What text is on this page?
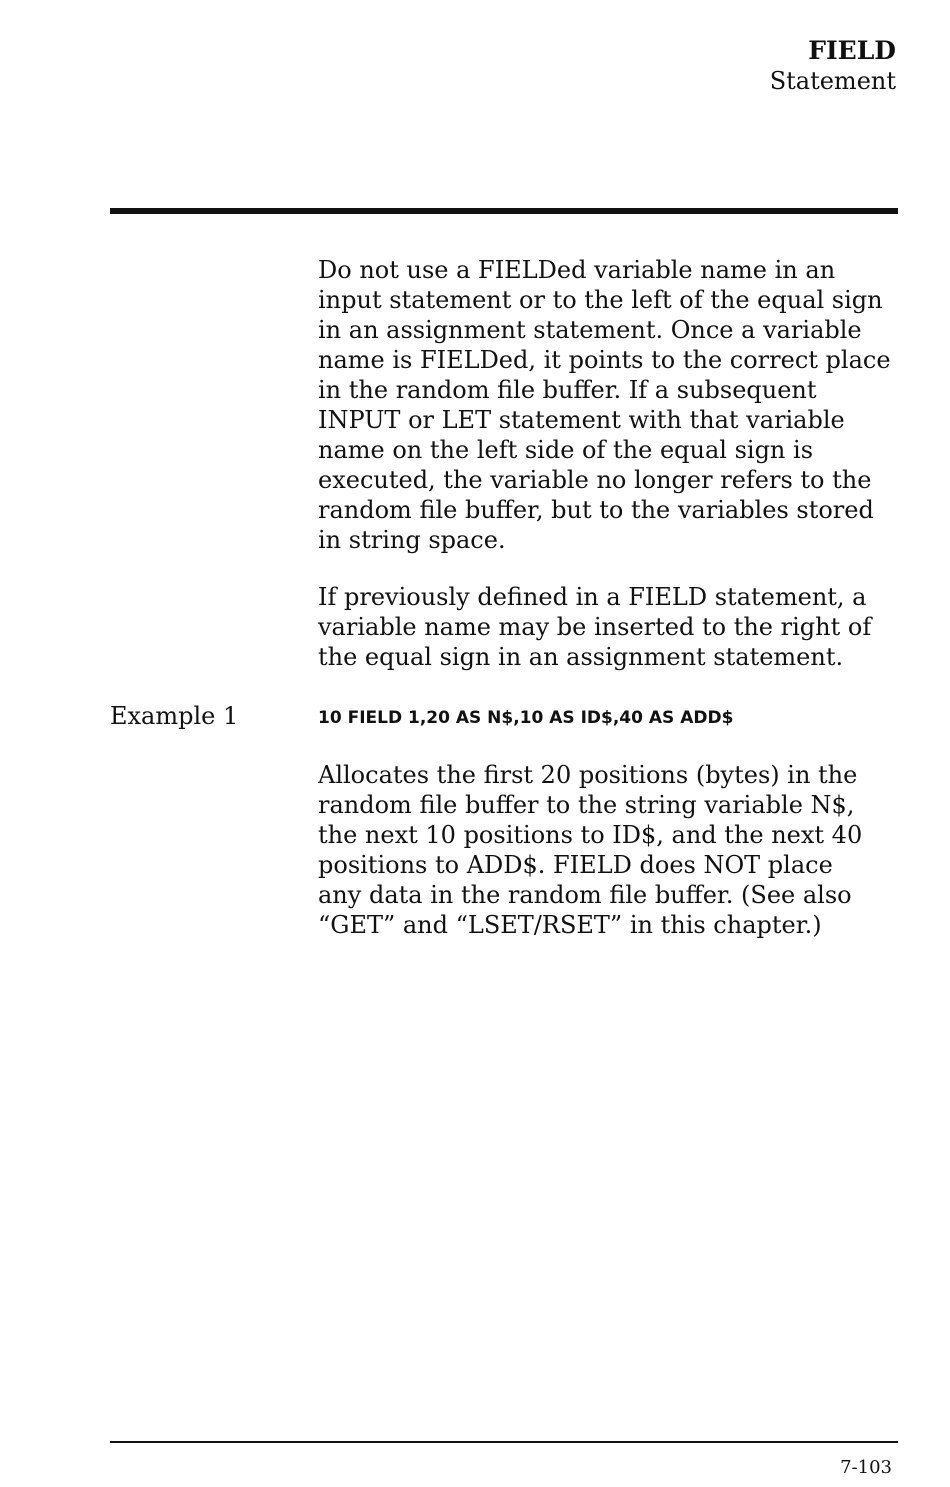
FIELD
Statement

Do not use a FIELDed variable name in an
input statement or to the left of the equal sign
in an assignment statement. Once a variable
name is FIELDed, it points to the correct place
in the random file buffer. If a subsequent
INPUT or LET statement with that variable
name on the left side of the equal sign is
executed, the variable no longer refers to the
random file buffer, but to the variables stored
in string space.

If previously defined in a FIELD statement, a
variable name may be inserted to the right of
the equal sign in an assignment statement.

Example 1	10 FIELD 1,20 AS N$,10 AS ID$,40 AS ADD$

Allocates the first 20 positions (bytes) in the
random file buffer to the string variable N$,
the next 10 positions to ID$, and the next 40
positions to ADD$. FIELD does NOT place
any data in the random file buffer. (See also
“GET” and “LSET/RSET” in this chapter.)

7-103
